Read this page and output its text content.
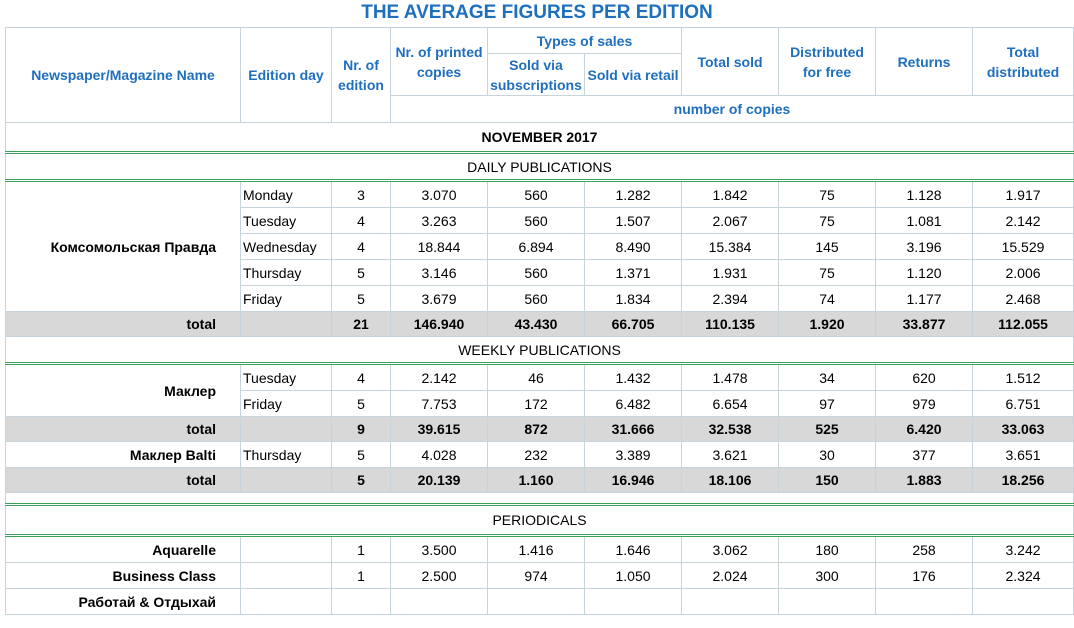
THE AVERAGE FIGURES PER EDITION
Newspaper/Magazine Name	Edition day	Nr. of edition	Nr. of printed copies	Types of sales		Total sold	Distributed for free	Returns	Total distributed
				Sold via subscriptions	Sold via retail				
			number of copies						
NOVEMBER 2017									
DAILY PUBLICATIONS									
Комсомольская Правда	Monday	3	3.070	560	1.282	1.842	75	1.128	1.917
	Tuesday	4	3.263	560	1.507	2.067	75	1.081	2.142
	Wednesday	4	18.844	6.894	8.490	15.384	145	3.196	15.529
	Thursday	5	3.146	560	1.371	1.931	75	1.120	2.006
	Friday	5	3.679	560	1.834	2.394	74	1.177	2.468
total		21	146.940	43.430	66.705	110.135	1.920	33.877	112.055
WEEKLY PUBLICATIONS									
Маклер	Tuesday	4	2.142	46	1.432	1.478	34	620	1.512
	Friday	5	7.753	172	6.482	6.654	97	979	6.751
total		9	39.615	872	31.666	32.538	525	6.420	33.063
Маклер Balti	Thursday	5	4.028	232	3.389	3.621	30	377	3.651
total		5	20.139	1.160	16.946	18.106	150	1.883	18.256

PERIODICALS									
Aquarelle		1	3.500	1.416	1.646	3.062	180	258	3.242
Business Class		1	2.500	974	1.050	2.024	300	176	2.324
Работай & Отдыхай									
